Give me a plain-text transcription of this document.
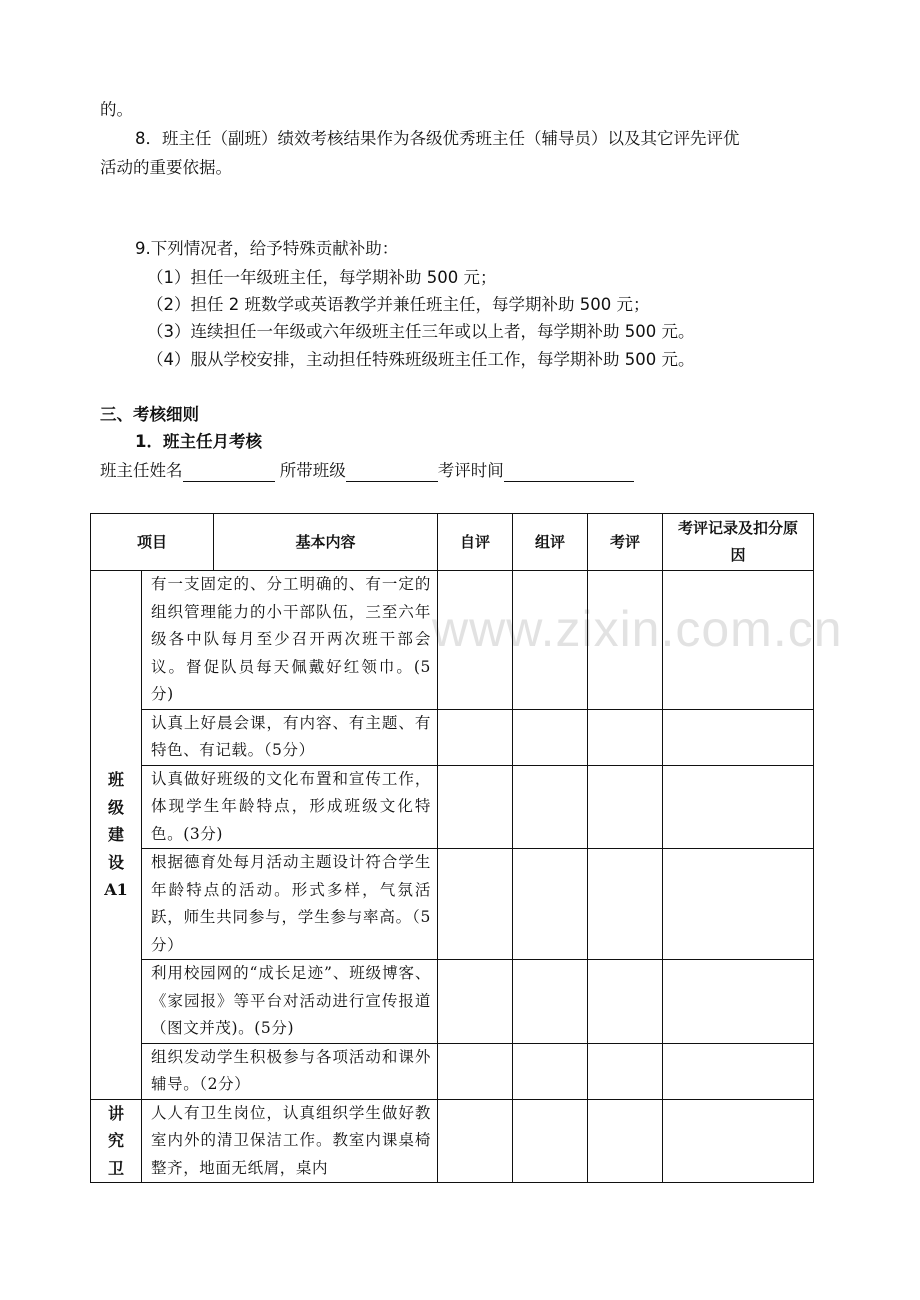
的。
8．班主任（副班）绩效考核结果作为各级优秀班主任（辅导员）以及其它评先评优
活动的重要依据。
9.下列情况者，给予特殊贡献补助：
（1）担任一年级班主任，每学期补助 500 元；
（2）担任 2 班数学或英语教学并兼任班主任，每学期补助 500 元；
（3）连续担任一年级或六年级班主任三年或以上者，每学期补助 500 元。
（4）服从学校安排，主动担任特殊班级班主任工作，每学期补助 500 元。
三、考核细则
1．班主任月考核
班主任姓名	所带班级	考评时间
www.zixin.com.cn
项目		基本内容	自评	组评	考评	考评记录及扣分原因

班
级
建
设
A1	有一支固定的、分工明确的、有一定的组织管理能力的小干部队伍，三至六年级各中队每月至少召开两次班干部会议。督促队员每天佩戴好红领巾。(5分)					
	认真上好晨会课，有内容、有主题、有特色、有记载。（5分）					
	认真做好班级的文化布置和宣传工作，体现学生年龄特点，形成班级文化特色。(3分)					
	根据德育处每月活动主题设计符合学生年龄特点的活动。形式多样，气氛活跃，师生共同参与，学生参与率高。（5分）					
	利用校园网的“成长足迹”、班级博客、《家园报》等平台对活动进行宣传报道（图文并茂)。(5分)					
	组织发动学生积极参与各项活动和课外辅导。（2分）					

讲
究
卫	人人有卫生岗位，认真组织学生做好教室内外的清卫保洁工作。教室内课桌椅整齐，地面无纸屑，桌内					
